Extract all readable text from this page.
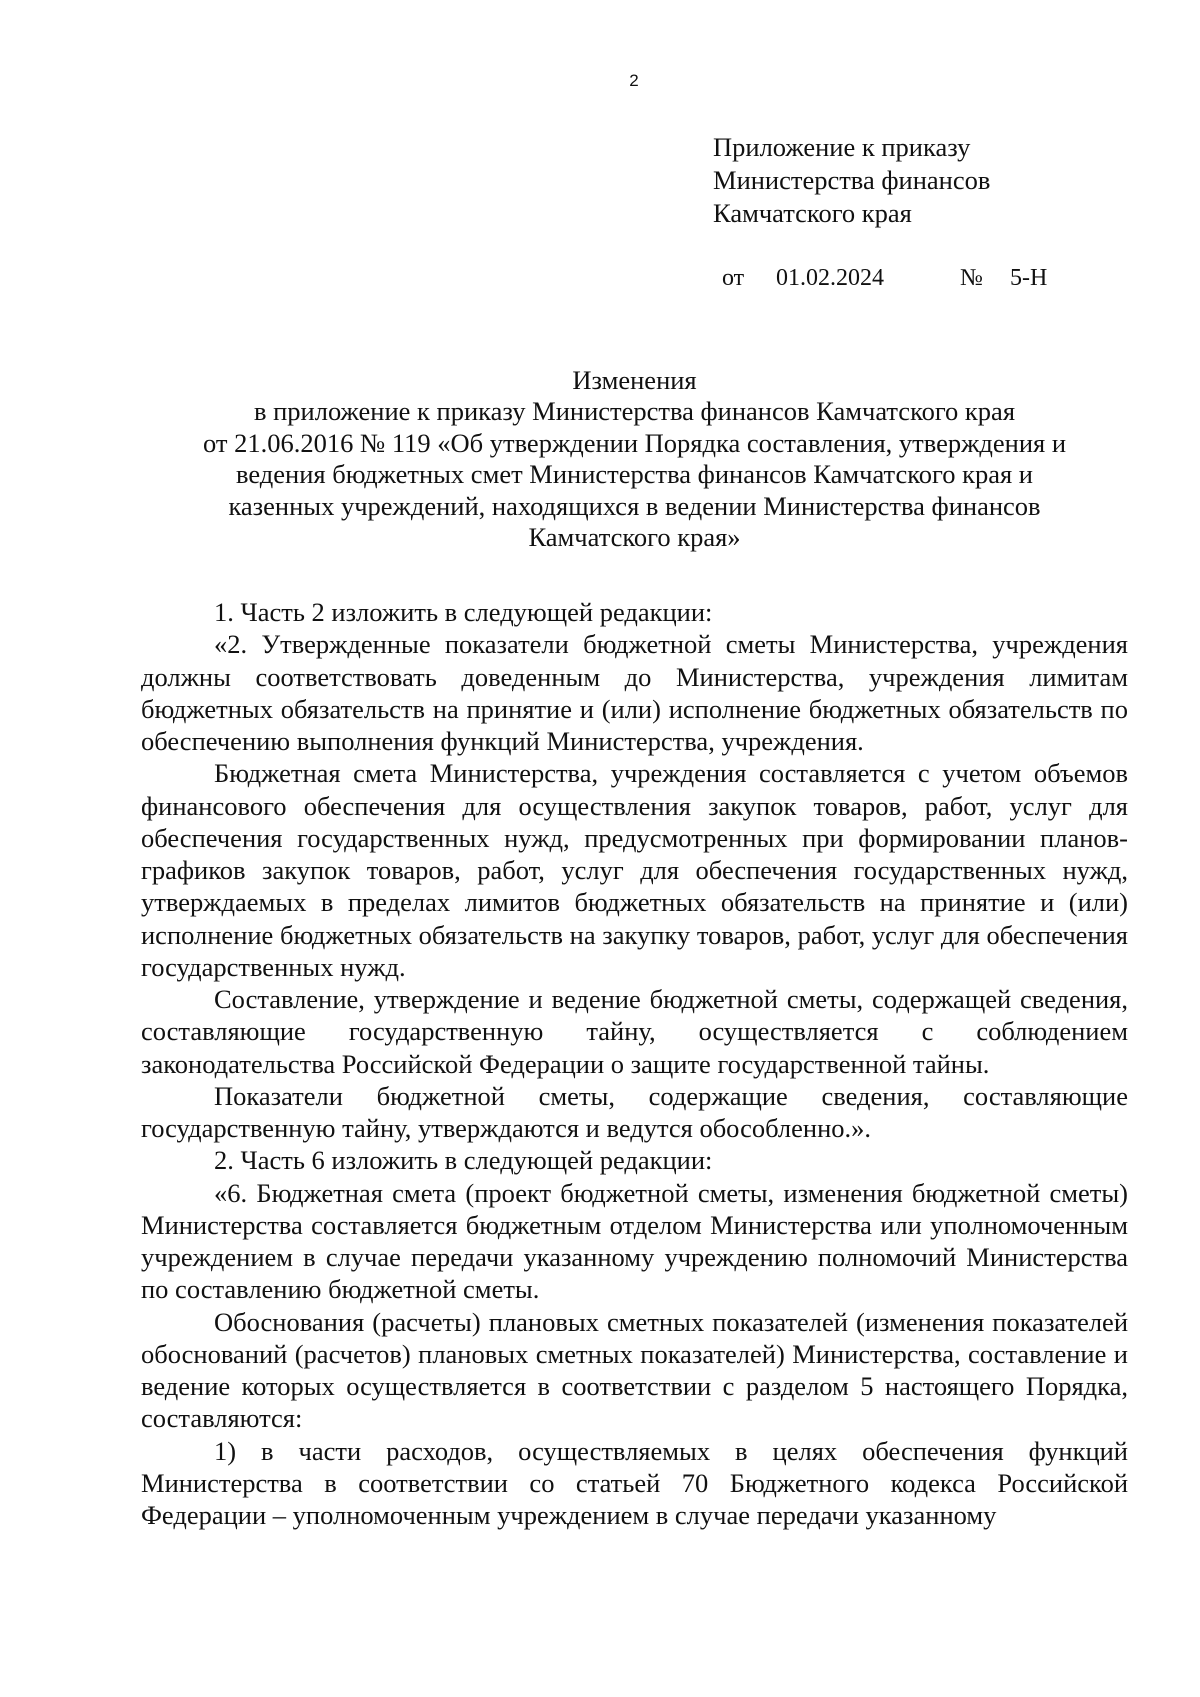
2
Приложение к приказу
Министерства финансов
Камчатского края
от 01.02.2024	№ 5-Н
Изменения
в приложение к приказу Министерства финансов Камчатского края
от 21.06.2016 № 119 «Об утверждении Порядка составления, утверждения и
ведения бюджетных смет Министерства финансов Камчатского края и
казенных учреждений, находящихся в ведении Министерства финансов
Камчатского края»

1. Часть 2 изложить в следующей редакции:

«2. Утвержденные показатели бюджетной сметы Министерства, учреждения должны соответствовать доведенным до Министерства, учреждения лимитам бюджетных обязательств на принятие и (или) исполнение бюджетных обязательств по обеспечению выполнения функций Министерства, учреждения.

Бюджетная смета Министерства, учреждения составляется с учетом объемов финансового обеспечения для осуществления закупок товаров, работ, услуг для обеспечения государственных нужд, предусмотренных при формировании планов-графиков закупок товаров, работ, услуг для обеспечения государственных нужд, утверждаемых в пределах лимитов бюджетных обязательств на принятие и (или) исполнение бюджетных обязательств на закупку товаров, работ, услуг для обеспечения государственных нужд.

Составление, утверждение и ведение бюджетной сметы, содержащей сведения, составляющие государственную тайну, осуществляется с соблюдением законодательства Российской Федерации о защите государственной тайны.

Показатели бюджетной сметы, содержащие сведения, составляющие государственную тайну, утверждаются и ведутся обособленно.».

2. Часть 6 изложить в следующей редакции:

«6. Бюджетная смета (проект бюджетной сметы, изменения бюджетной сметы) Министерства составляется бюджетным отделом Министерства или уполномоченным учреждением в случае передачи указанному учреждению полномочий Министерства по составлению бюджетной сметы.

Обоснования (расчеты) плановых сметных показателей (изменения показателей обоснований (расчетов) плановых сметных показателей) Министерства, составление и ведение которых осуществляется в соответствии с разделом 5 настоящего Порядка, составляются:

1) в части расходов, осуществляемых в целях обеспечения функций Министерства в соответствии со статьей 70 Бюджетного кодекса Российской Федерации – уполномоченным учреждением в случае передачи указанному
